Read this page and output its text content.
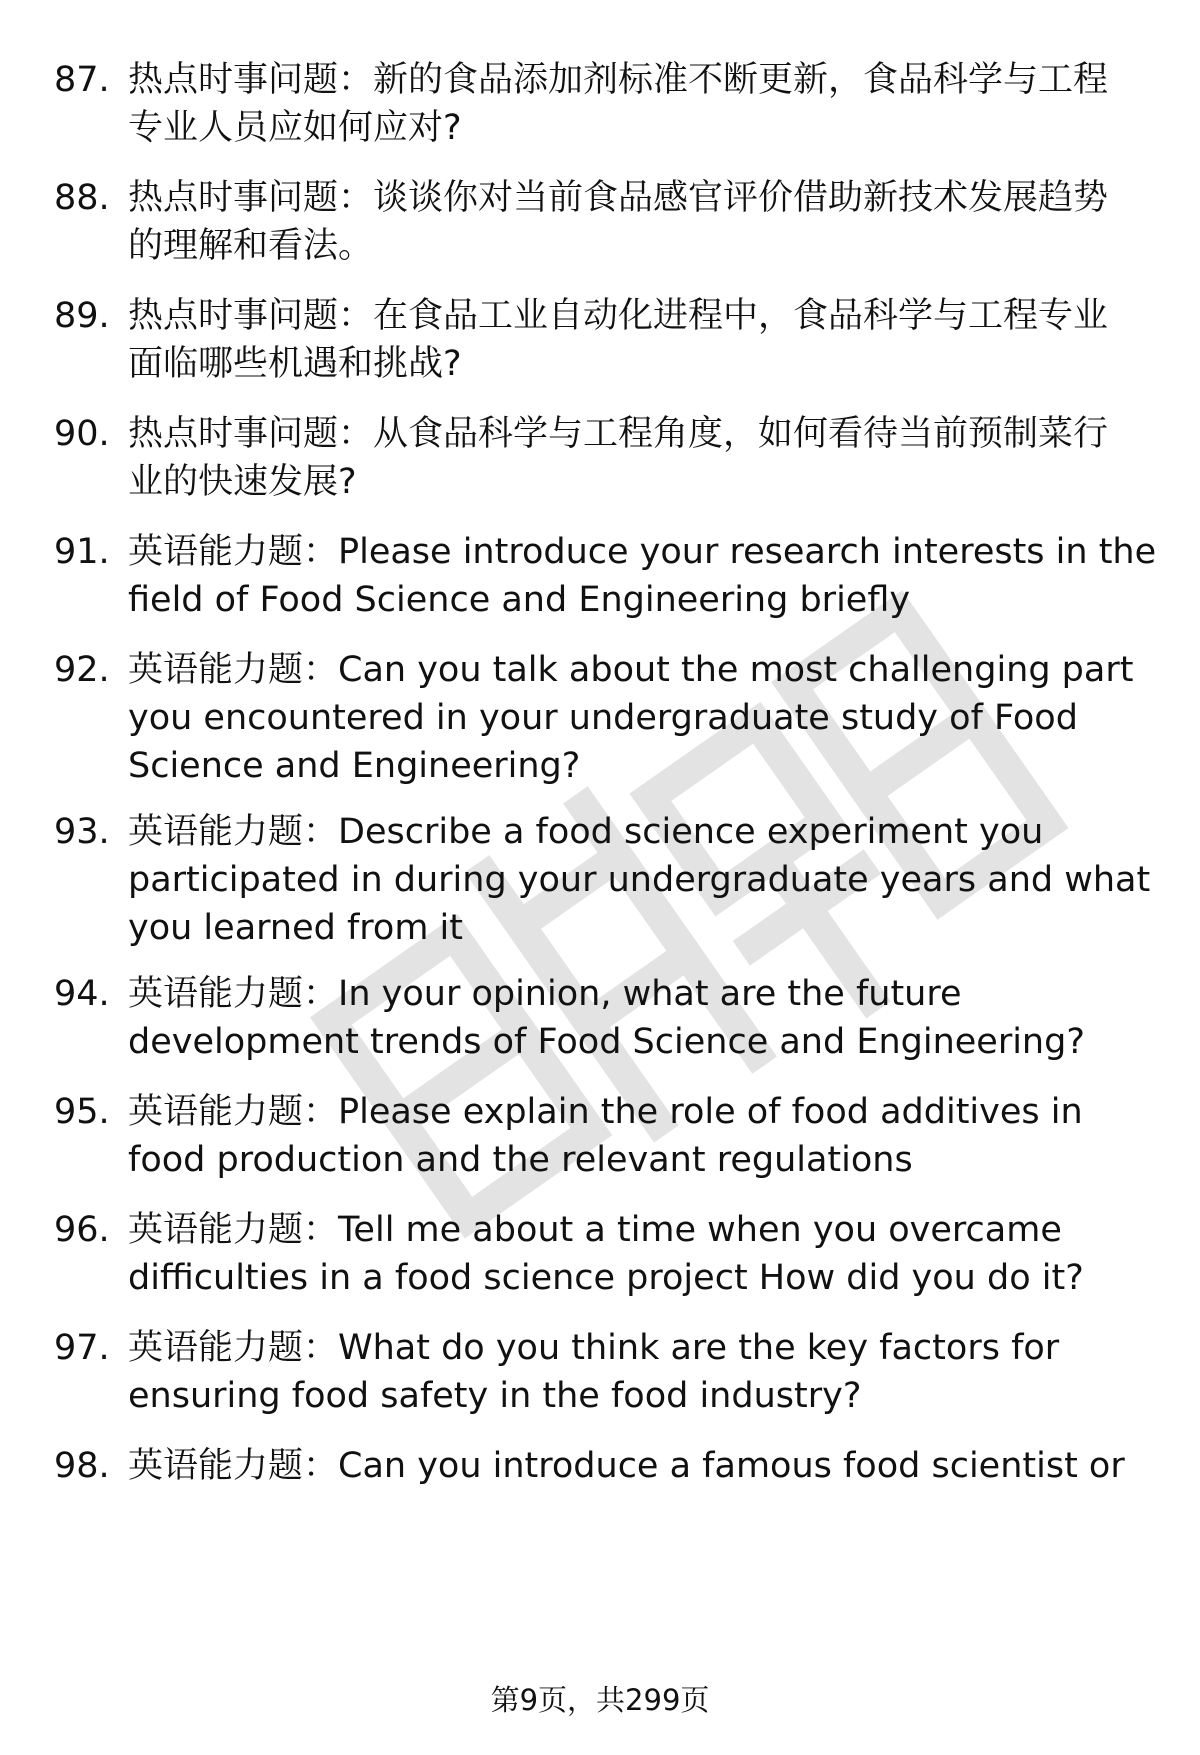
87. 热点时事问题：新的食品添加剂标准不断更新，食品科学与工程
专业人员应如何应对?
88. 热点时事问题：谈谈你对当前食品感官评价借助新技术发展趋势
的理解和看法。
89. 热点时事问题：在食品工业自动化进程中，食品科学与工程专业
面临哪些机遇和挑战?
90. 热点时事问题：从食品科学与工程角度，如何看待当前预制菜行
业的快速发展?
91. 英语能力题：Please introduce your research interests in the
field of Food Science and Engineering briefly
92. 英语能力题：Can you talk about the most challenging part
you encountered in your undergraduate study of Food
Science and Engineering?
93. 英语能力题：Describe a food science experiment you
participated in during your undergraduate years and what
you learned from it
94. 英语能力题：In your opinion, what are the future
development trends of Food Science and Engineering?
95. 英语能力题：Please explain the role of food additives in
food production and the relevant regulations
96. 英语能力题：Tell me about a time when you overcame
difficulties in a food science project How did you do it?
97. 英语能力题：What do you think are the key factors for
ensuring food safety in the food industry?
98. 英语能力题：Can you introduce a famous food scientist or
第9页，共299页
